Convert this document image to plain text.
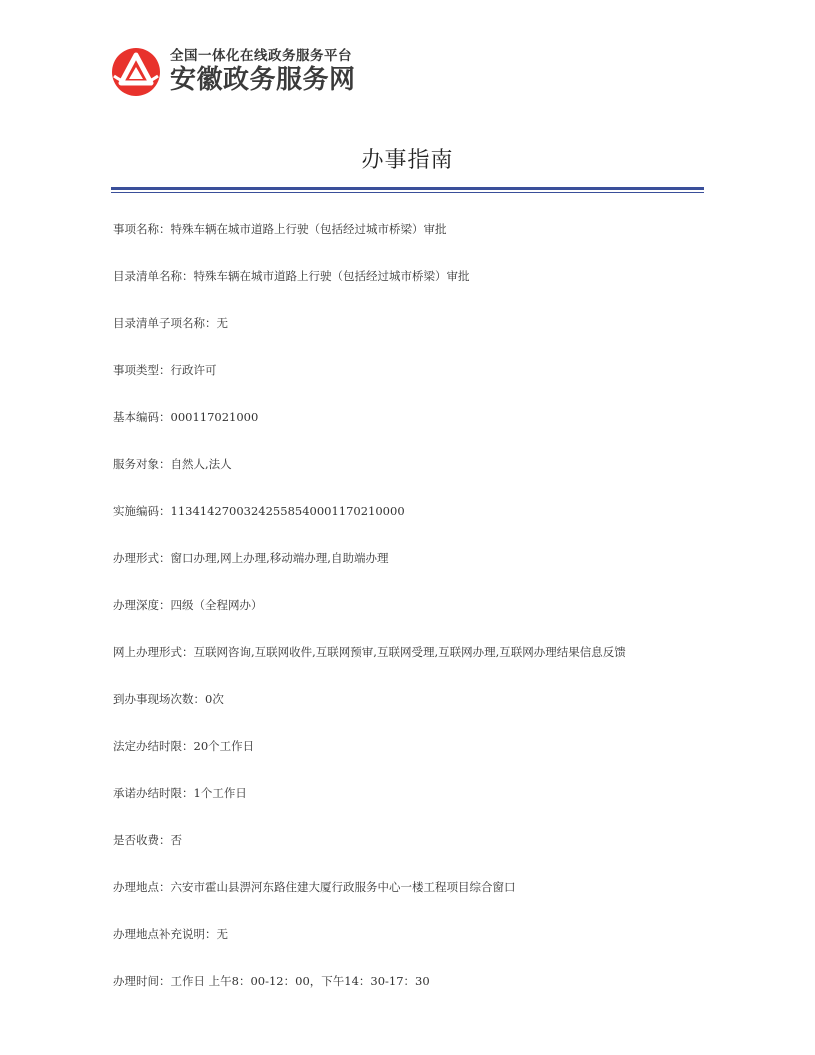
全国一体化在线政务服务平台
安徽政务服务网
办事指南
事项名称：特殊车辆在城市道路上行驶（包括经过城市桥梁）审批
目录清单名称：特殊车辆在城市道路上行驶（包括经过城市桥梁）审批
目录清单子项名称：无
事项类型：行政许可
基本编码：000117021000
服务对象：自然人,法人
实施编码：11341427003242558540001170210000
办理形式：窗口办理,网上办理,移动端办理,自助端办理
办理深度：四级（全程网办）
网上办理形式：互联网咨询,互联网收件,互联网预审,互联网受理,互联网办理,互联网办理结果信息反馈
到办事现场次数：0次
法定办结时限：20个工作日
承诺办结时限：1个工作日
是否收费：否
办理地点：六安市霍山县淠河东路住建大厦行政服务中心一楼工程项目综合窗口
办理地点补充说明：无
办理时间：工作日 上午8：00-12：00，下午14：30-17：30
